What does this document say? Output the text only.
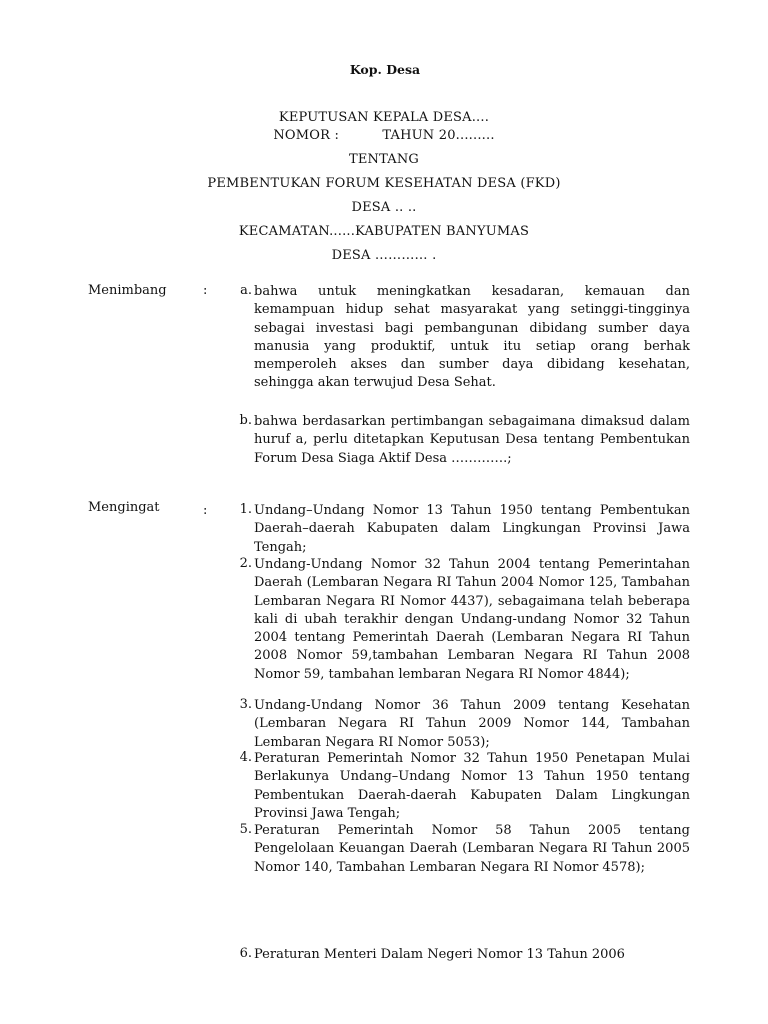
Kop. Desa
KEPUTUSAN KEPALA DESA....
NOMOR :          TAHUN 20.........
TENTANG
PEMBENTUKAN FORUM KESEHATAN DESA (FKD)
DESA .. ..
KECAMATAN......KABUPATEN BANYUMAS
DESA ………… .
Menimbang	:	a. bahwa untuk meningkatkan kesadaran, kemauan dan kemampuan hidup sehat masyarakat yang setinggi-tingginya sebagai investasi bagi pembangunan dibidang sumber daya manusia yang produktif, untuk itu setiap orang berhak memperoleh akses dan sumber daya dibidang kesehatan, sehingga akan terwujud Desa Sehat.
b. bahwa berdasarkan pertimbangan sebagaimana dimaksud dalam huruf a, perlu ditetapkan Keputusan Desa tentang Pembentukan Forum Desa Siaga Aktif Desa ………….;
Mengingat	:	1. Undang–Undang Nomor 13 Tahun 1950 tentang Pembentukan Daerah–daerah Kabupaten dalam Lingkungan Provinsi Jawa Tengah;
2. Undang-Undang Nomor 32 Tahun 2004 tentang Pemerintahan Daerah (Lembaran Negara RI Tahun 2004 Nomor 125, Tambahan Lembaran Negara RI Nomor 4437), sebagaimana telah beberapa kali di ubah terakhir dengan Undang-undang Nomor 32 Tahun 2004 tentang Pemerintah Daerah (Lembaran Negara RI Tahun 2008 Nomor 59,tambahan Lembaran Negara RI Tahun 2008 Nomor 59, tambahan lembaran Negara RI Nomor 4844);
3. Undang-Undang Nomor 36 Tahun 2009 tentang Kesehatan (Lembaran Negara RI Tahun 2009 Nomor 144, Tambahan Lembaran Negara RI Nomor 5053);
4. Peraturan Pemerintah Nomor 32 Tahun 1950 Penetapan Mulai Berlakunya Undang–Undang Nomor 13 Tahun 1950 tentang Pembentukan Daerah-daerah Kabupaten Dalam Lingkungan Provinsi Jawa Tengah;
5. Peraturan Pemerintah Nomor 58 Tahun 2005 tentang Pengelolaan Keuangan Daerah (Lembaran Negara RI Tahun 2005 Nomor 140, Tambahan Lembaran Negara RI Nomor 4578);
6. Peraturan Menteri Dalam Negeri Nomor 13 Tahun 2006
